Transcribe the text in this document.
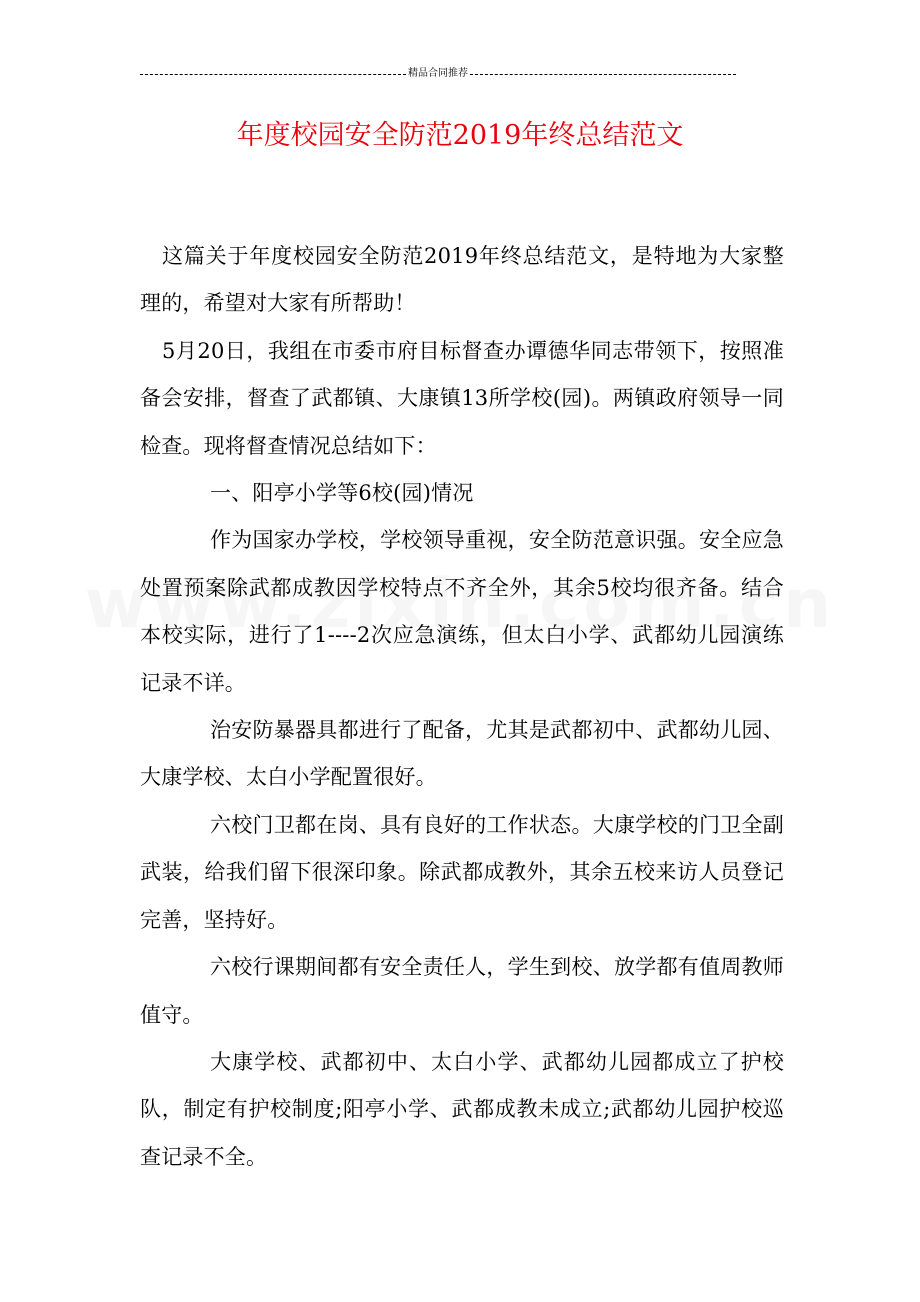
精品合同推荐
年度校园安全防范2019年终总结范文

这篇关于年度校园安全防范2019年终总结范文，是特地为大家整理的，希望对大家有所帮助！

5月20日，我组在市委市府目标督查办谭德华同志带领下，按照准备会安排，督查了武都镇、大康镇13所学校(园)。两镇政府领导一同检查。现将督查情况总结如下：

一、阳亭小学等6校(园)情况

作为国家办学校，学校领导重视，安全防范意识强。安全应急处置预案除武都成教因学校特点不齐全外，其余5校均很齐备。结合本校实际，进行了1----2次应急演练，但太白小学、武都幼儿园演练记录不详。

治安防暴器具都进行了配备，尤其是武都初中、武都幼儿园、大康学校、太白小学配置很好。

六校门卫都在岗、具有良好的工作状态。大康学校的门卫全副武装，给我们留下很深印象。除武都成教外，其余五校来访人员登记完善，坚持好。

六校行课期间都有安全责任人，学生到校、放学都有值周教师值守。

大康学校、武都初中、太白小学、武都幼儿园都成立了护校队，制定有护校制度;阳亭小学、武都成教未成立;武都幼儿园护校巡查记录不全。
